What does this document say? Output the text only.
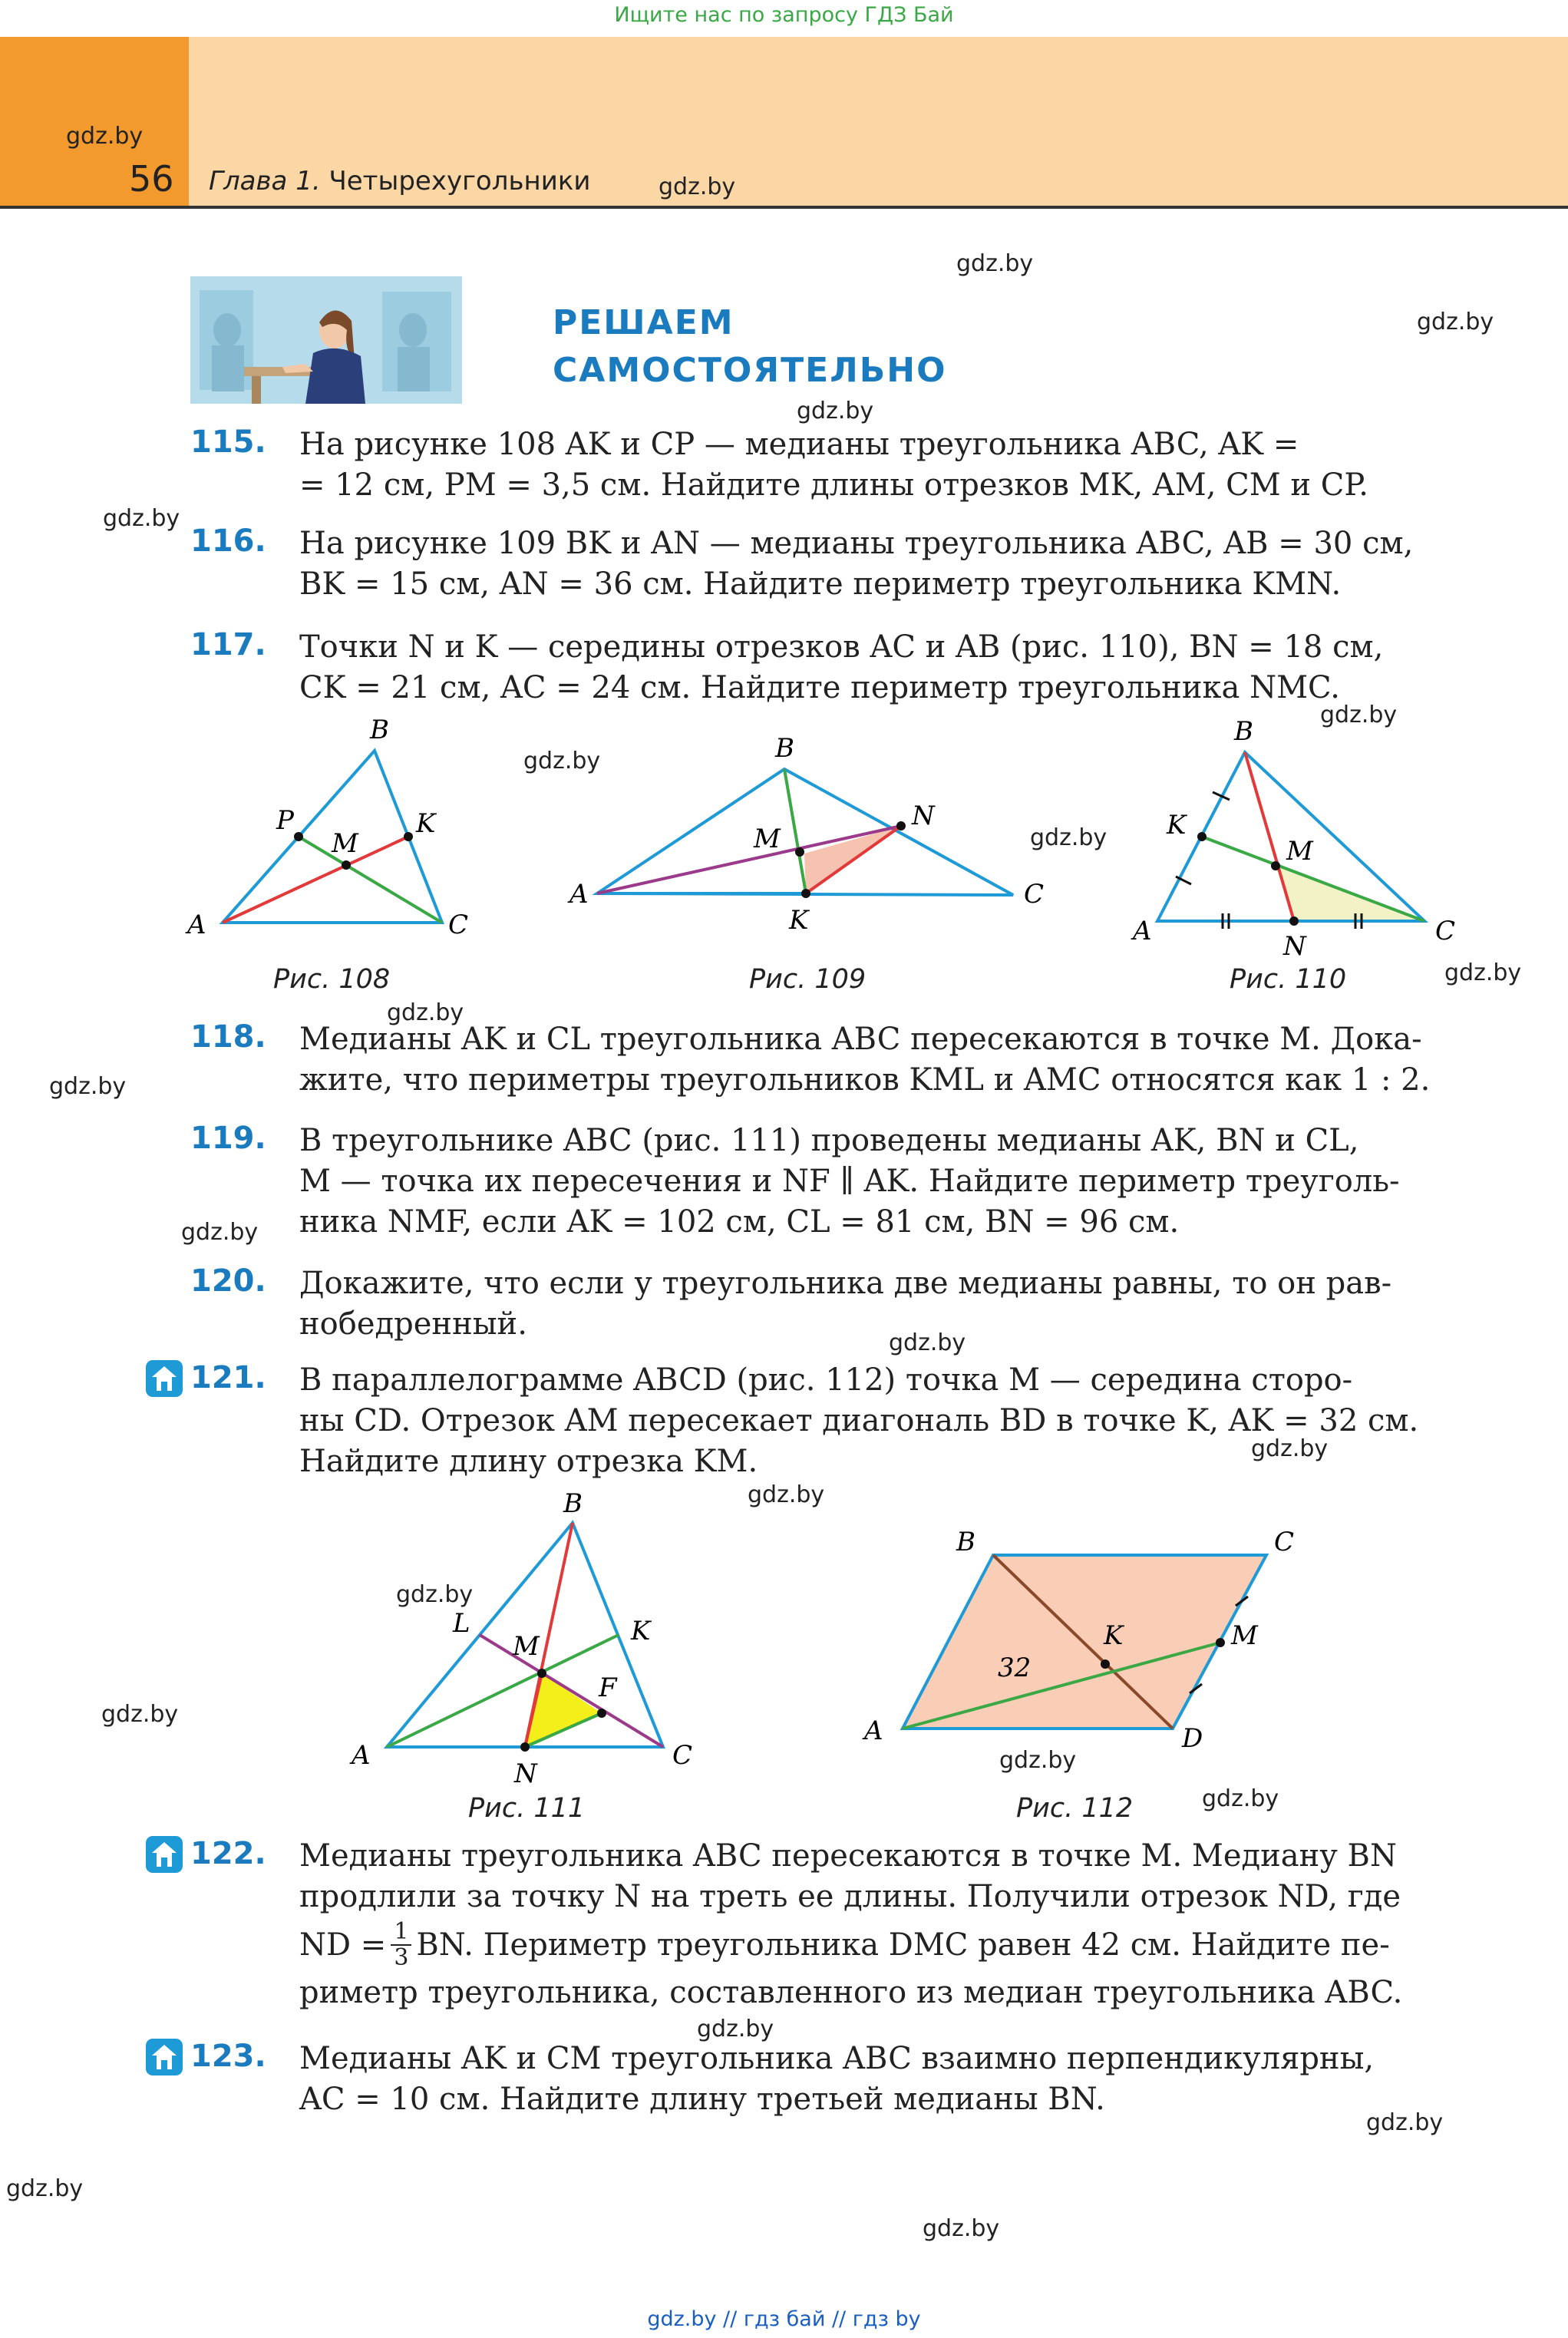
Ищите нас по запросу ГДЗ Бай
56 Глава 1. Четырехугольники
gdz.by
gdz.by
gdz.by
gdz.by
gdz.by
gdz.by
gdz.by
gdz.by
gdz.by
gdz.by
gdz.by
gdz.by
gdz.by
gdz.by
gdz.by
gdz.by
gdz.by
gdz.by
gdz.by
gdz.by
gdz.by
gdz.by
gdz.by
gdz.by
РЕШАЕМ
САМОСТОЯТЕЛЬНО
115. На рисунке 108 AK и CP — медианы треугольника ABC, AK =
= 12 см, PM = 3,5 см. Найдите длины отрезков MK, AM, CM и CP.
116. На рисунке 109 BK и AN — медианы треугольника ABC, AB = 30 см,
BK = 15 см, AN = 36 см. Найдите периметр треугольника KMN.
117. Точки N и K — середины отрезков AC и AB (рис. 110), BN = 18 см,
CK = 21 см, AC = 24 см. Найдите периметр треугольника NMC.
A
B
C
P	K
M
Рис. 108
A
B
C
M
N
K
Рис. 109
A
B
C
K
M
N
Рис. 110
118. Медианы AK и CL треугольника ABC пересекаются в точке M. Дока-
жите, что периметры треугольников KML и AMC относятся как 1 : 2.
119. В треугольнике ABC (рис. 111) проведены медианы AK, BN и CL,
M — точка их пересечения и NF ∥ AK. Найдите периметр треуголь-
ника NMF, если AK = 102 см, CL = 81 см, BN = 96 см.
120. Докажите, что если у треугольника две медианы равны, то он рав-
нобедренный.
121. В параллелограмме ABCD (рис. 112) точка M — середина сторо-
ны CD. Отрезок AM пересекает диагональ BD в точке K, AK = 32 см.
Найдите длину отрезка KM.
A
B
C
L
M	K
F
N
Рис. 111
A
B	C
D
K	M
32
Рис. 112
122. Медианы треугольника ABC пересекаются в точке M. Медиану BN
продлили за точку N на треть ее длины. Получили отрезок ND, где
ND = $\frac{1}{3}$ BN. Периметр треугольника DMC равен 42 см. Найдите пе-
риметр треугольника, составленного из медиан треугольника ABC.
123. Медианы AK и CM треугольника ABC взаимно перпендикулярны,
AC = 10 см. Найдите длину третьей медианы BN.
gdz.by // гдз бай // гдз by
